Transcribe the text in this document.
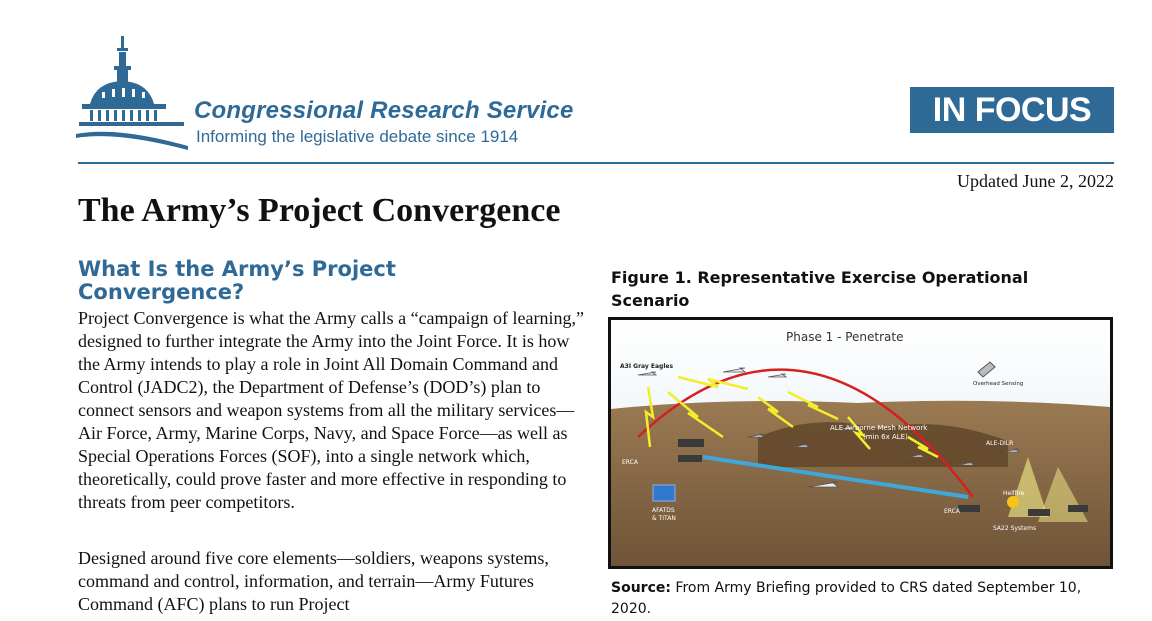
Congressional Research Service
Informing the legislative debate since 1914
IN FOCUS
Updated June 2, 2022
The Army’s Project Convergence
What Is the Army’s Project Convergence?

Project Convergence is what the Army calls a “campaign of learning,” designed to further integrate the Army into the Joint Force. It is how the Army intends to play a role in Joint All Domain Command and Control (JADC2), the Department of Defense’s (DOD’s) plan to connect sensors and weapon systems from all the military services—Air Force, Army, Marine Corps, Navy, and Space Force—as well as Special Operations Forces (SOF), into a single network which, theoretically, could prove faster and more effective in responding to threats from peer competitors.

Designed around five core elements—soldiers, weapons systems, command and control, information, and terrain—Army Futures Command (AFC) plans to run Project

Figure 1. Representative Exercise Operational Scenario

Phase 1 - Penetrate
A3I Gray Eagles
Overhead Sensing
ALE Airborne Mesh Network
(min 6x ALE)
ALE-DILR
ERCA
AFATDS
& TITAN
Hellfire
ERCA
SA22 Systems

Source: From Army Briefing provided to CRS dated September 10, 2020.
